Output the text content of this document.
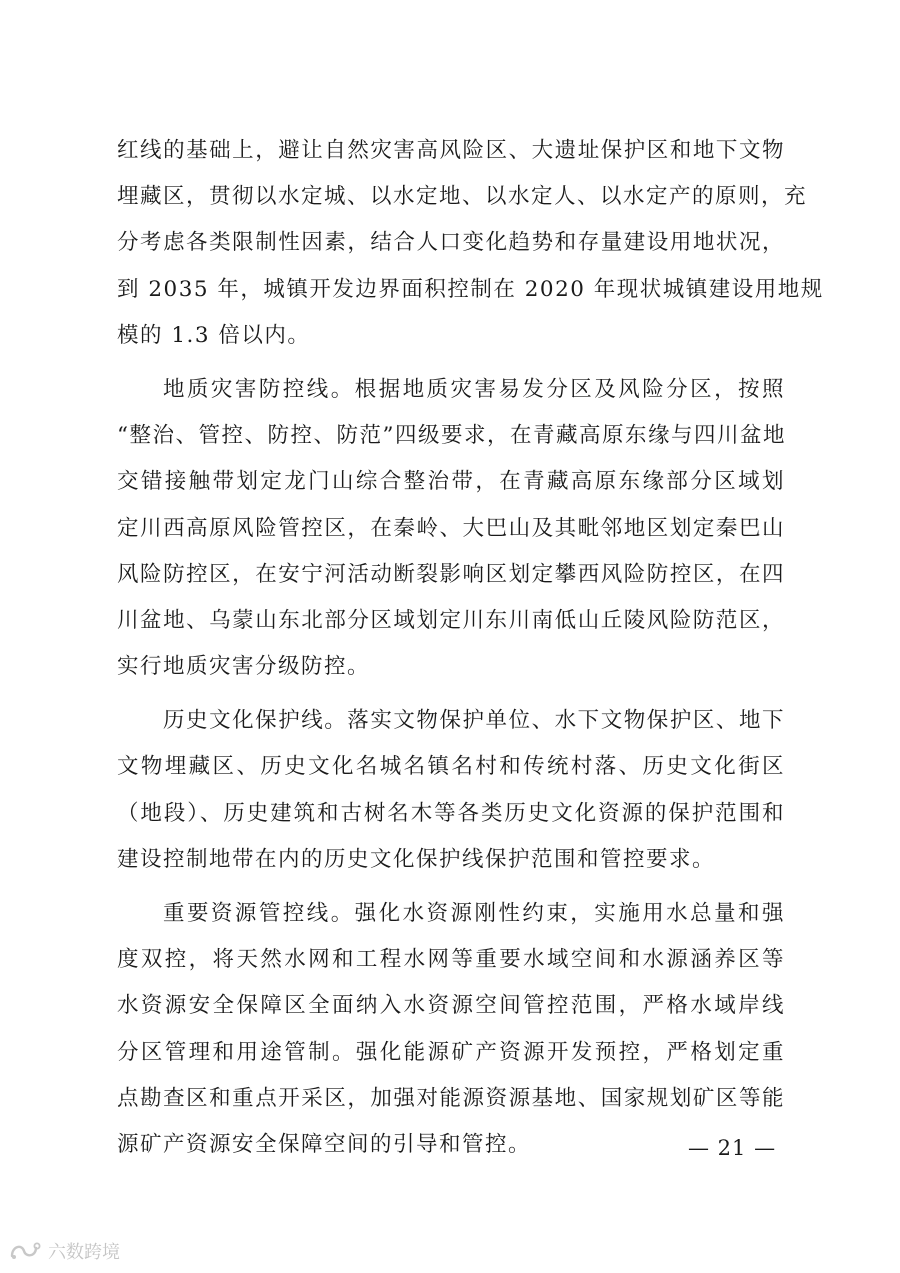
红线的基础上，避让自然灾害高风险区、大遗址保护区和地下文物
埋藏区，贯彻以水定城、以水定地、以水定人、以水定产的原则，充
分考虑各类限制性因素，结合人口变化趋势和存量建设用地状况，
到 2035 年，城镇开发边界面积控制在 2020 年现状城镇建设用地规
模的 1.3 倍以内。
地质灾害防控线。根据地质灾害易发分区及风险分区，按照
“整治、管控、防控、防范”四级要求，在青藏高原东缘与四川盆地
交错接触带划定龙门山综合整治带，在青藏高原东缘部分区域划
定川西高原风险管控区，在秦岭、大巴山及其毗邻地区划定秦巴山
风险防控区，在安宁河活动断裂影响区划定攀西风险防控区，在四
川盆地、乌蒙山东北部分区域划定川东川南低山丘陵风险防范区，
实行地质灾害分级防控。
历史文化保护线。落实文物保护单位、水下文物保护区、地下
文物埋藏区、历史文化名城名镇名村和传统村落、历史文化街区
（地段）、历史建筑和古树名木等各类历史文化资源的保护范围和
建设控制地带在内的历史文化保护线保护范围和管控要求。
重要资源管控线。强化水资源刚性约束，实施用水总量和强
度双控，将天然水网和工程水网等重要水域空间和水源涵养区等
水资源安全保障区全面纳入水资源空间管控范围，严格水域岸线
分区管理和用途管制。强化能源矿产资源开发预控，严格划定重
点勘查区和重点开采区，加强对能源资源基地、国家规划矿区等能
源矿产资源安全保障空间的引导和管控。	— 21 —
六数跨境
